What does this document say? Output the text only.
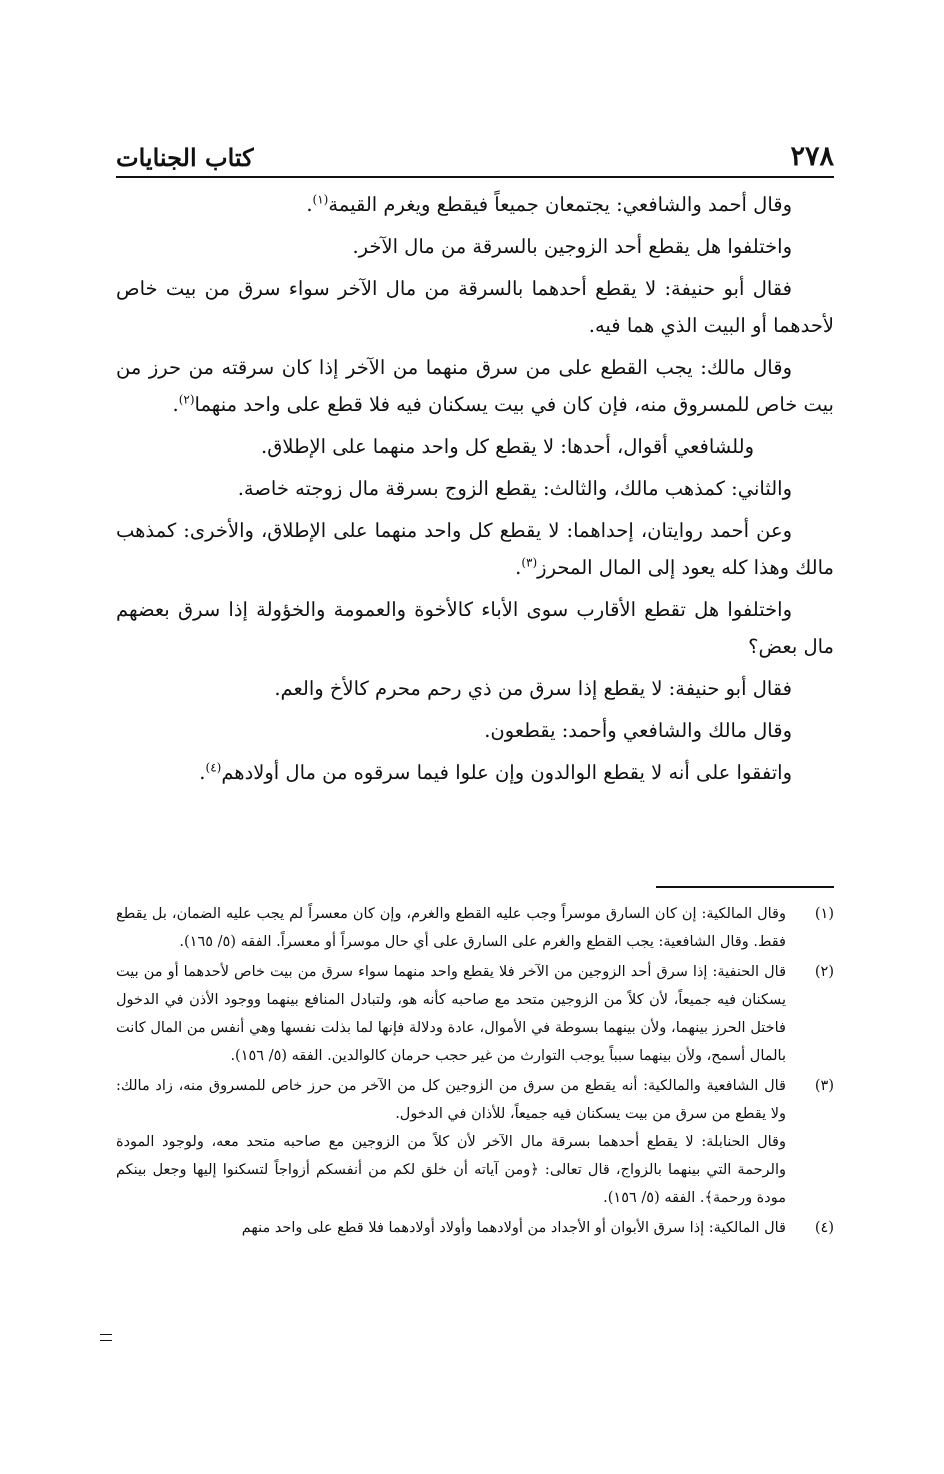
٢٧٨
كتاب الجنايات

وقال أحمد والشافعي: يجتمعان جميعاً فيقطع ويغرم القيمة$^{(١)}$.

واختلفوا هل يقطع أحد الزوجين بالسرقة من مال الآخر.

فقال أبو حنيفة: لا يقطع أحدهما بالسرقة من مال الآخر سواء سرق من بيت خاص لأحدهما أو البيت الذي هما فيه.

وقال مالك: يجب القطع على من سرق منهما من الآخر إذا كان سرقته من حرز من بيت خاص للمسروق منه، فإن كان في بيت يسكنان فيه فلا قطع على واحد منهما$^{(٢)}$.

وللشافعي أقوال، أحدها: لا يقطع كل واحد منهما على الإطلاق.

والثاني: كمذهب مالك، والثالث: يقطع الزوج بسرقة مال زوجته خاصة.

وعن أحمد روايتان، إحداهما: لا يقطع كل واحد منهما على الإطلاق، والأخرى: كمذهب مالك وهذا كله يعود إلى المال المحرز$^{(٣)}$.

واختلفوا هل تقطع الأقارب سوى الأباء كالأخوة والعمومة والخؤولة إذا سرق بعضهم مال بعض؟

فقال أبو حنيفة: لا يقطع إذا سرق من ذي رحم محرم كالأخ والعم.

وقال مالك والشافعي وأحمد: يقطعون.

واتفقوا على أنه لا يقطع الوالدون وإن علوا فيما سرقوه من مال أولادهم$^{(٤)}$.

(١)

وقال المالكية: إن كان السارق موسراً وجب عليه القطع والغرم، وإن كان معسراً لم يجب عليه الضمان، بل يقطع فقط. وقال الشافعية: يجب القطع والغرم على السارق على أي حال موسراً أو معسراً. الفقه (٥/ ١٦٥).

(٢)

قال الحنفية: إذا سرق أحد الزوجين من الآخر فلا يقطع واحد منهما سواء سرق من بيت خاص لأحدهما أو من بيت يسكنان فيه جميعاً، لأن كلاً من الزوجين متحد مع صاحبه كأنه هو، ولتبادل المنافع بينهما ووجود الأذن في الدخول فاختل الحرز بينهما، ولأن بينهما بسوطة في الأموال، عادة ودلالة فإنها لما بذلت نفسها وهي أنفس من المال كانت بالمال أسمح، ولأن بينهما سبباً يوجب التوارث من غير حجب حرمان كالوالدين. الفقه (٥/ ١٥٦).

(٣)

قال الشافعية والمالكية: أنه يقطع من سرق من الزوجين كل من الآخر من حرز خاص للمسروق منه، زاد مالك: ولا يقطع من سرق من بيت يسكنان فيه جميعاً، للأذان في الدخول.

وقال الحنابلة: لا يقطع أحدهما بسرقة مال الآخر لأن كلاً من الزوجين مع صاحبه متحد معه، ولوجود المودة والرحمة التي بينهما بالزواج، قال تعالى: ﴿ومن آياته أن خلق لكم من أنفسكم أزواجاً لتسكنوا إليها وجعل بينكم مودة ورحمة﴾. الفقه (٥/ ١٥٦).

(٤)

قال المالكية: إذا سرق الأبوان أو الأجداد من أولادهما وأولاد أولادهما فلا قطع على واحد منهم
